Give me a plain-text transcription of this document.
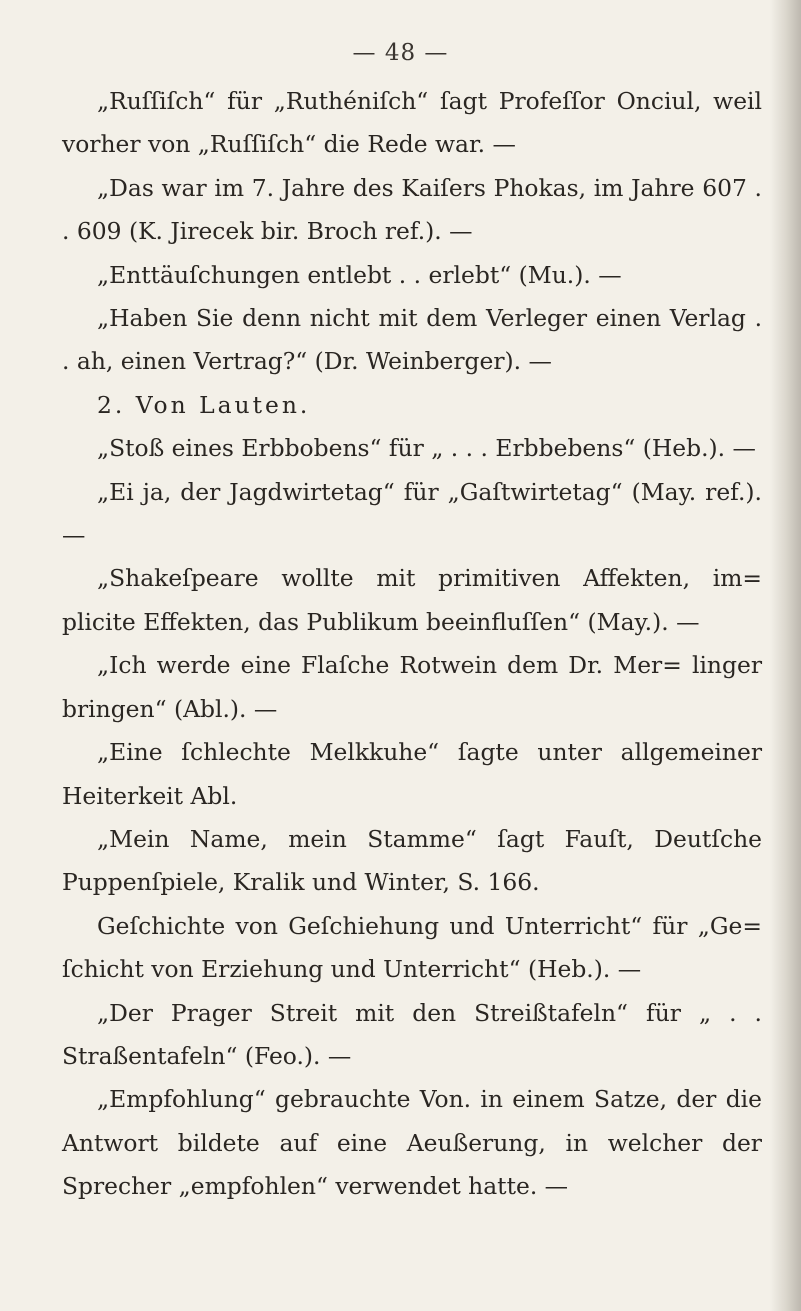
— 48 —

„Ruſſiſch“ für „Ruthéniſch“ ſagt Profeſſor Onciul, weil vorher von „Ruſſiſch“ die Rede war. —

„Das war im 7. Jahre des Kaiſers Phokas, im Jahre 607 . . 609 (K. Jirecek bir. Broch ref.). —

„Enttäuſchungen entlebt . . erlebt“ (Mu.). —

„Haben Sie denn nicht mit dem Verleger einen Verlag . . ah, einen Vertrag?“ (Dr. Weinberger). —

2. Von Lauten.

„Stoß eines Erbbobens“ für „ . . . Erbbebens“ (Heb.). —

„Ei ja, der Jagdwirtetag“ für „Gaſtwirtetag“ (May. ref.). —

„Shakeſpeare wollte mit primitiven Affekten, im= plicite Effekten, das Publikum beeinfluſſen“ (May.). —

„Ich werde eine Flaſche Rotwein dem Dr. Mer= linger bringen“ (Abl.). —

„Eine ſchlechte Melkkuhe“ ſagte unter allgemeiner Heiterkeit Abl.

„Mein Name, mein Stamme“ ſagt Fauſt, Deutſche Puppenſpiele, Kralik und Winter, S. 166.

Geſchichte von Geſchiehung und Unterricht“ für „Ge= ſchicht von Erziehung und Unterricht“ (Heb.). —

„Der Prager Streit mit den Streißtafeln“ für „ . . Straßentafeln“ (Feo.). —

„Empfohlung“ gebrauchte Von. in einem Satze, der die Antwort bildete auf eine Aeußerung, in welcher der Sprecher „empfohlen“ verwendet hatte. —
